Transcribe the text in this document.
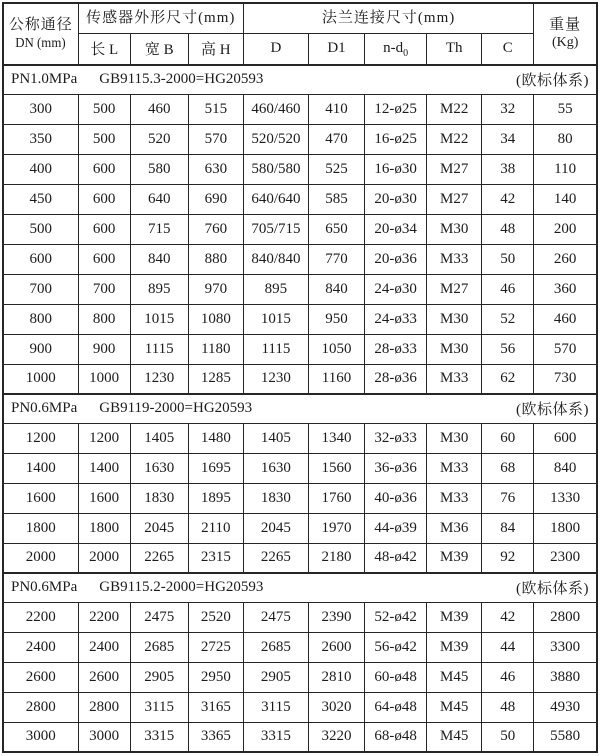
公称通径
DN (mm)
	传感器外形尺寸(mm)	法兰连接尺寸(mm)	重量
(Kg)

	长 L	宽 B	高 H	D	D1	$n-d_0$	Th	C	

PN1.0MPa GB9115.3-2000=HG20593 (欧标体系)									

300	500	460	515	460/460	410	12-ø25	M22	32	55
350	500	520	570	520/520	470	16-ø25	M22	34	80
400	600	580	630	580/580	525	16-ø30	M27	38	110
450	600	640	690	640/640	585	20-ø30	M27	42	140
500	600	715	760	705/715	650	20-ø34	M30	48	200
600	600	840	880	840/840	770	20-ø36	M33	50	260
700	700	895	970	895	840	24-ø30	M27	46	360
800	800	1015	1080	1015	950	24-ø33	M30	52	460
900	900	1115	1180	1115	1050	28-ø33	M30	56	570
1000	1000	1230	1285	1230	1160	28-ø36	M33	62	730

PN0.6MPa GB9119-2000=HG20593 (欧标体系)									

1200	1200	1405	1480	1405	1340	32-ø33	M30	60	600
1400	1400	1630	1695	1630	1560	36-ø36	M33	68	840
1600	1600	1830	1895	1830	1760	40-ø36	M33	76	1330
1800	1800	2045	2110	2045	1970	44-ø39	M36	84	1800
2000	2000	2265	2315	2265	2180	48-ø42	M39	92	2300

PN0.6MPa GB9115.2-2000=HG20593 (欧标体系)									

2200	2200	2475	2520	2475	2390	52-ø42	M39	42	2800
2400	2400	2685	2725	2685	2600	56-ø42	M39	44	3300
2600	2600	2905	2950	2905	2810	60-ø48	M45	46	3880
2800	2800	3115	3165	3115	3020	64-ø48	M45	48	4930
3000	3000	3315	3365	3315	3220	68-ø48	M45	50	5580
